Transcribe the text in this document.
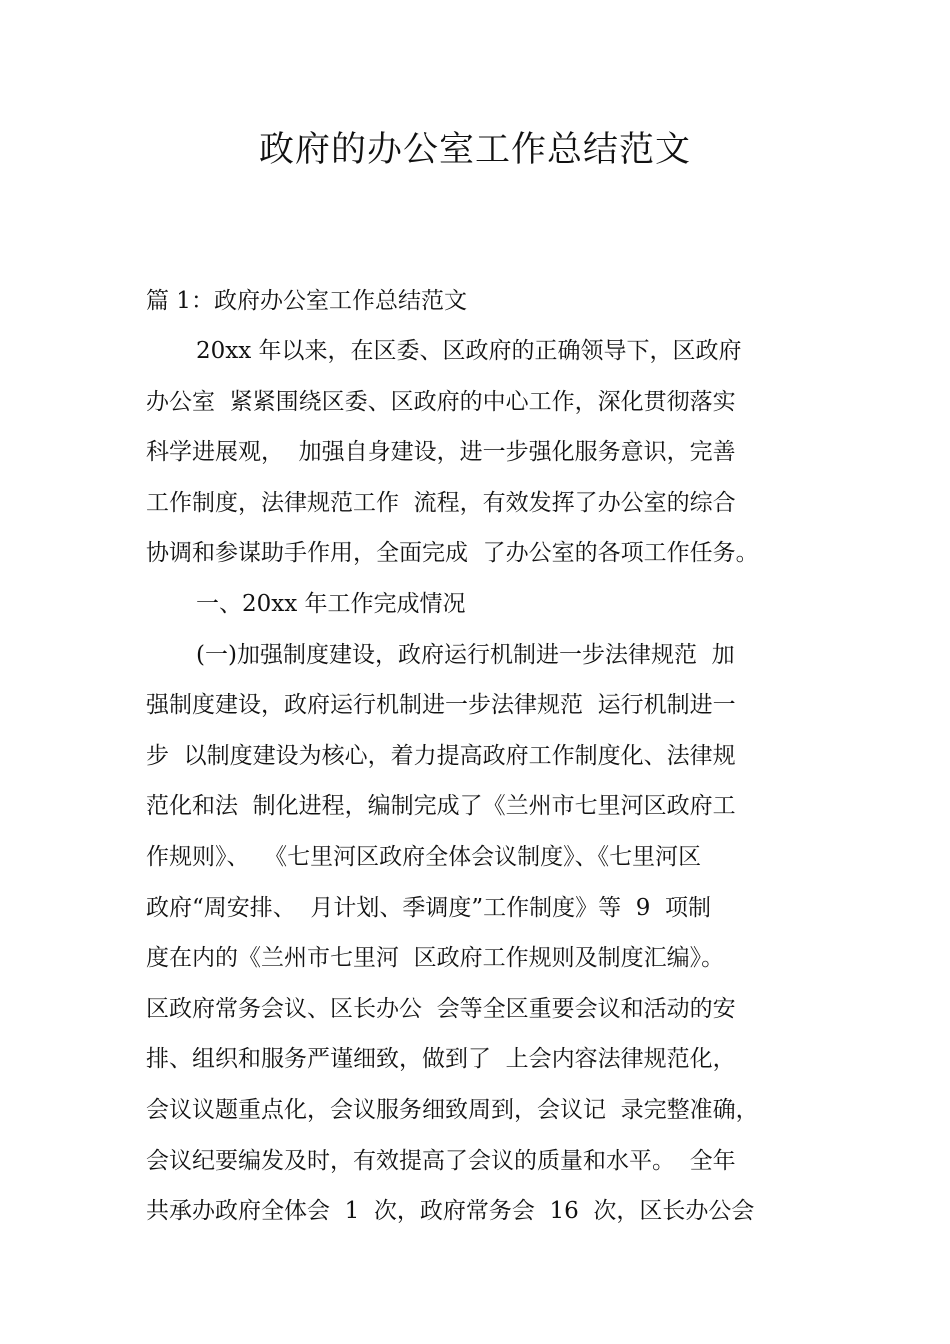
政府的办公室工作总结范文

篇 1：政府办公室工作总结范文

20xx 年以来，在区委、区政府的正确领导下，区政府
办公室  紧紧围绕区委、区政府的中心工作，深化贯彻落实
科学进展观，  加强自身建设，进一步强化服务意识，完善
工作制度，法律规范工作  流程，有效发挥了办公室的综合
协调和参谋助手作用，全面完成  了办公室的各项工作任务。
一、20xx 年工作完成情况
(一)加强制度建设，政府运行机制进一步法律规范  加
强制度建设，政府运行机制进一步法律规范  运行机制进一
步  以制度建设为核心，着力提高政府工作制度化、法律规
范化和法  制化进程，编制完成了《兰州市七里河区政府工
作规则》、  《七里河区政府全体会议制度》、《七里河区
政府“周安排、  月计划、季调度”工作制度》等  9  项制
度在内的《兰州市七里河  区政府工作规则及制度汇编》。
区政府常务会议、区长办公  会等全区重要会议和活动的安
排、组织和服务严谨细致，做到了  上会内容法律规范化，
会议议题重点化，会议服务细致周到，会议记  录完整准确，
会议纪要编发及时，有效提高了会议的质量和水平。  全年
共承办政府全体会  1  次，政府常务会  16  次，区长办公会
